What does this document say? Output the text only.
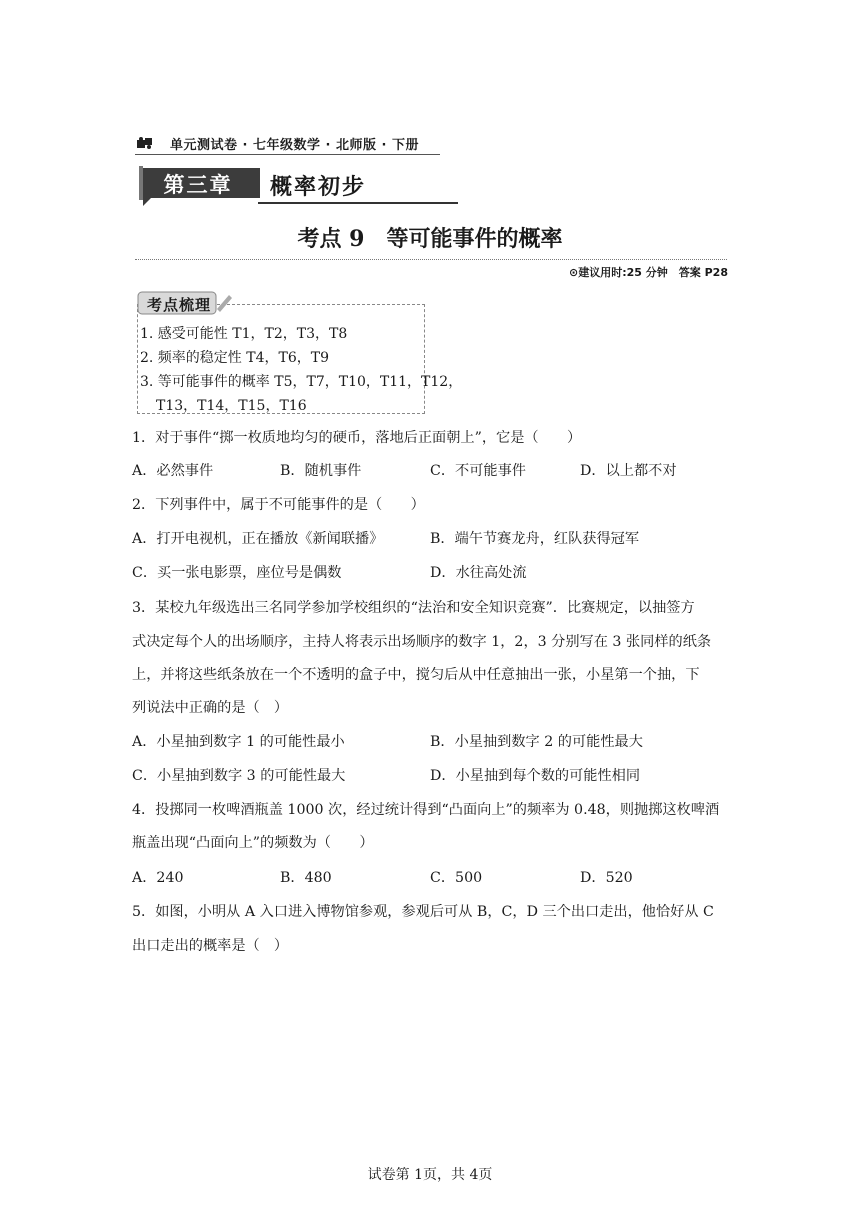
单元测试卷 · 七年级数学 · 北师版 · 下册
第三章	概率初步
考点 9　等可能事件的概率
⊙建议用时:25 分钟　答案 P28
考点梳理
1. 感受可能性 T1，T2，T3，T8
2. 频率的稳定性 T4，T6，T9
3. 等可能事件的概率 T5，T7，T10，T11，T12，
T13，T14，T15，T16
1．对于事件“掷一枚质地均匀的硬币，落地后正面朝上”，它是（　　）
A．必然事件	B．随机事件	C．不可能事件	D．以上都不对
2．下列事件中，属于不可能事件的是（　　）
A．打开电视机，正在播放《新闻联播》	B．端午节赛龙舟，红队获得冠军
C．买一张电影票，座位号是偶数	D．水往高处流
3．某校九年级选出三名同学参加学校组织的“法治和安全知识竞赛”．比赛规定，以抽签方
式决定每个人的出场顺序，主持人将表示出场顺序的数字 1，2，3 分别写在 3 张同样的纸条
上，并将这些纸条放在一个不透明的盒子中，搅匀后从中任意抽出一张，小星第一个抽，下
列说法中正确的是（　）
A．小星抽到数字 1 的可能性最小	B．小星抽到数字 2 的可能性最大
C．小星抽到数字 3 的可能性最大	D．小星抽到每个数的可能性相同
4．投掷同一枚啤酒瓶盖 1000 次，经过统计得到“凸面向上”的频率为 0.48，则抛掷这枚啤酒
瓶盖出现“凸面向上”的频数为（　　）
A．240	B．480	C．500	D．520
5．如图，小明从 A 入口进入博物馆参观，参观后可从 B，C，D 三个出口走出，他恰好从 C
出口走出的概率是（　）
试卷第 1页，共 4页
